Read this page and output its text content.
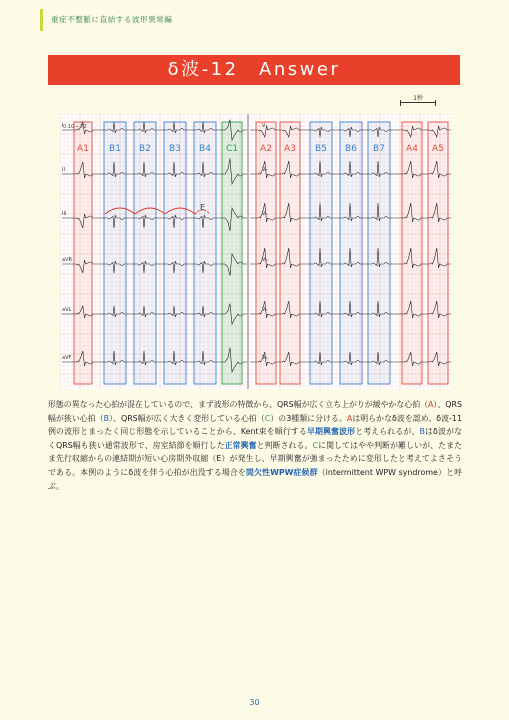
重症不整脈に直結する波形異常編
δ波-12　Answer
1秒
I	V₁
II	V₂
III	V₃
aVR	V₄
aVL	V₅
aVF	V₆
A1 B1 B2 B3 B4 C1 A2 A3 B5 B6 B7 A4 A5
0.10 ─ 72
E
形態の異なった心拍が混在しているので、まず波形の特徴から、QRS幅が広く立ち上がりが緩やかな心拍（A）、QRS幅が狭い心拍（B）、QRS幅が広く大きく変形している心拍（C）の3種類に分ける。Aは明らかなδ波を認め、δ波-11例の波形とまったく同じ形態を示していることから、Kent束を順行する早期興奮波形と考えられるが、Bはδ波がなくQRS幅も狭い通常波形で、房室結節を順行した正常興奮と判断される。Cに関してはやや判断が難しいが、たまたま先行収縮からの連結期が短い心房期外収縮（E）が発生し、早期興奮が強まったために変形したと考えてよさそうである。本例のようにδ波を伴う心拍が出没する場合を間欠性WPW症候群（intermittent WPW syndrome）と呼ぶ。
30
